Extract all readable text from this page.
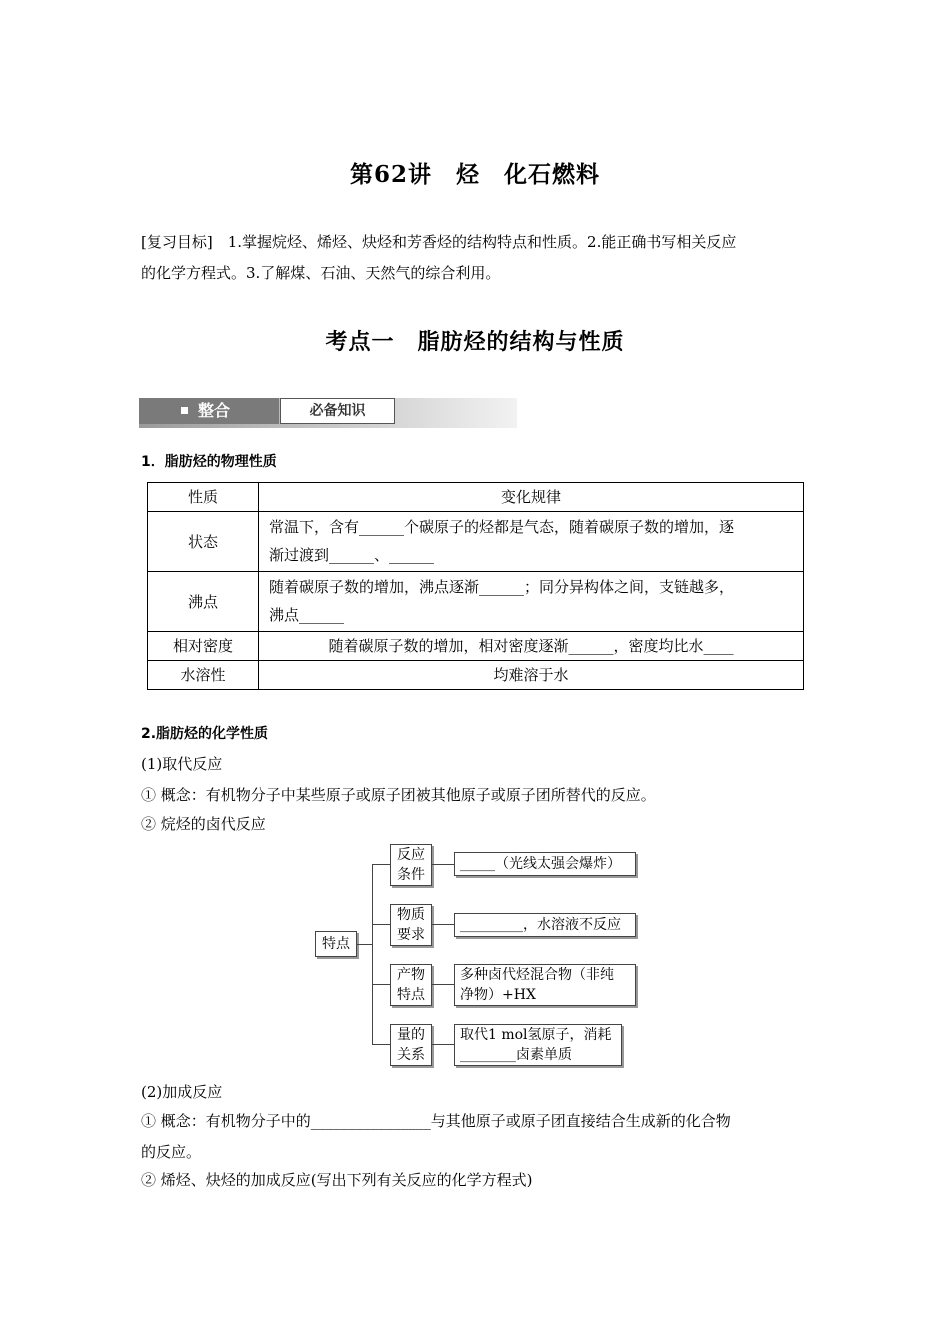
第62讲　烃　化石燃料
[复习目标]　1.掌握烷烃、烯烃、炔烃和芳香烃的结构特点和性质。2.能正确书写相关反应
的化学方程式。3.了解煤、石油、天然气的综合利用。
考点一　脂肪烃的结构与性质
整合	必备知识
1．脂肪烃的物理性质
性质	变化规律
状态	常温下，含有______个碳原子的烃都是气态，随着碳原子数的增加，逐
渐过渡到______、______

沸点	随着碳原子数的增加，沸点逐渐______；同分异构体之间，支链越多，
沸点______

相对密度	随着碳原子数的增加，相对密度逐渐______，密度均比水____
水溶性	均难溶于水
2.脂肪烃的化学性质
(1)取代反应
① 概念：有机物分子中某些原子或原子团被其他原子或原子团所替代的反应。
② 烷烃的卤代反应
特点
反应
条件
_____（光线太强会爆炸）
物质
要求
_________，水溶液不反应
产物
特点
多种卤代烃混合物（非纯
净物）+HX
量的
关系
取代1 mol氢原子，消耗
________卤素单质
(2)加成反应
① 概念：有机物分子中的________________与其他原子或原子团直接结合生成新的化合物
的反应。
② 烯烃、炔烃的加成反应(写出下列有关反应的化学方程式)
